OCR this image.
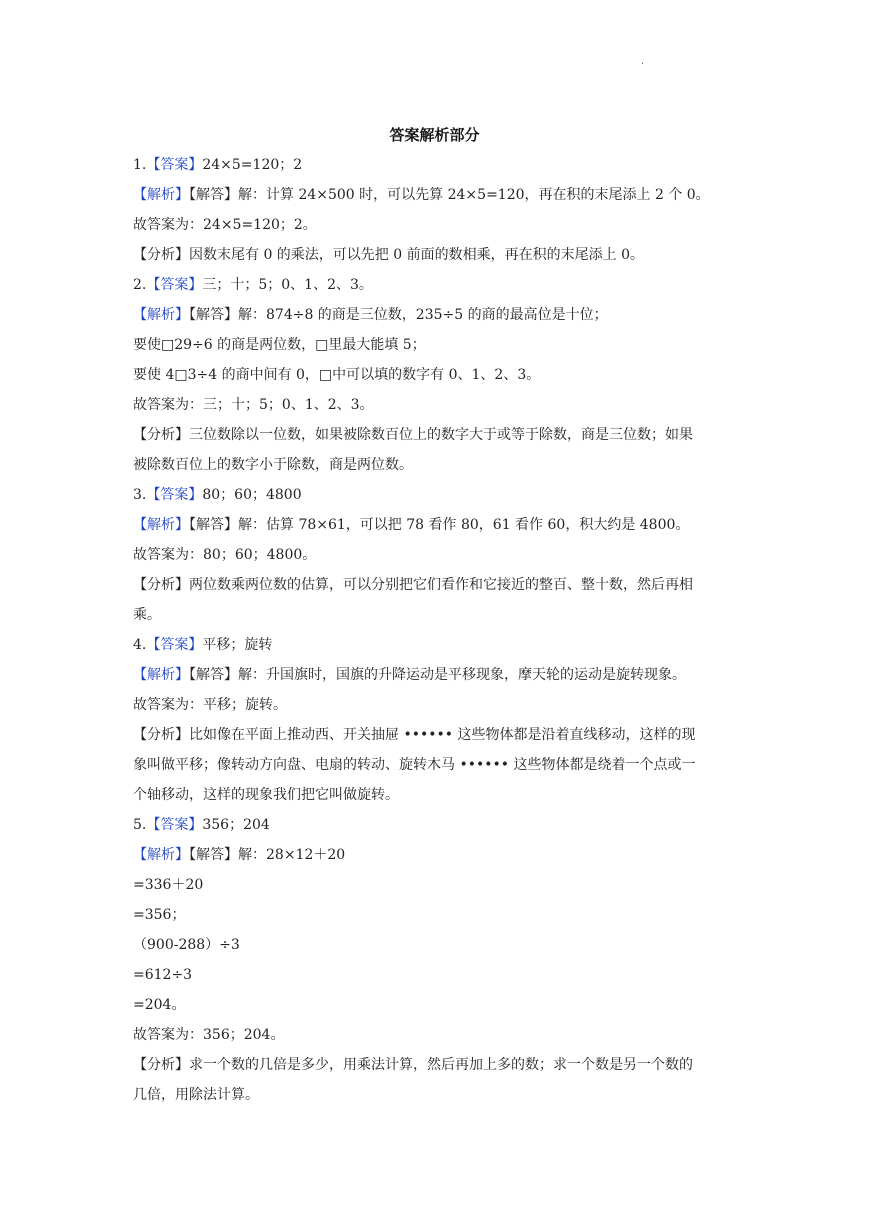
.
答案解析部分
1.【答案】24×5=120；2
【解析】【解答】解：计算 24×500 时，可以先算 24×5=120，再在积的末尾添上 2 个 0。
故答案为：24×5=120；2。
【分析】因数末尾有 0 的乘法，可以先把 0 前面的数相乘，再在积的末尾添上 0。
2.【答案】三；十；5；0、1、2、3。
【解析】【解答】解：874÷8 的商是三位数，235÷5 的商的最高位是十位；
要使□29÷6 的商是两位数，□里最大能填 5；
要使 4□3÷4 的商中间有 0，□中可以填的数字有 0、1、2、3。
故答案为：三；十；5；0、1、2、3。
【分析】三位数除以一位数，如果被除数百位上的数字大于或等于除数，商是三位数；如果
被除数百位上的数字小于除数，商是两位数。
3.【答案】80；60；4800
【解析】【解答】解：估算 78×61，可以把 78 看作 80，61 看作 60，积大约是 4800。
故答案为：80；60；4800。
【分析】两位数乘两位数的估算，可以分别把它们看作和它接近的整百、整十数，然后再相
乘。
4.【答案】平移；旋转
【解析】【解答】解：升国旗时，国旗的升降运动是平移现象，摩天轮的运动是旋转现象。
故答案为：平移；旋转。
【分析】比如像在平面上推动西、开关抽屉 •••••• 这些物体都是沿着直线移动，这样的现
象叫做平移；像转动方向盘、电扇的转动、旋转木马 •••••• 这些物体都是绕着一个点或一
个轴移动，这样的现象我们把它叫做旋转。
5.【答案】356；204
【解析】【解答】解：28×12＋20
=336＋20
=356；
（900-288）÷3
=612÷3
=204。
故答案为：356；204。
【分析】求一个数的几倍是多少，用乘法计算，然后再加上多的数；求一个数是另一个数的
几倍，用除法计算。
